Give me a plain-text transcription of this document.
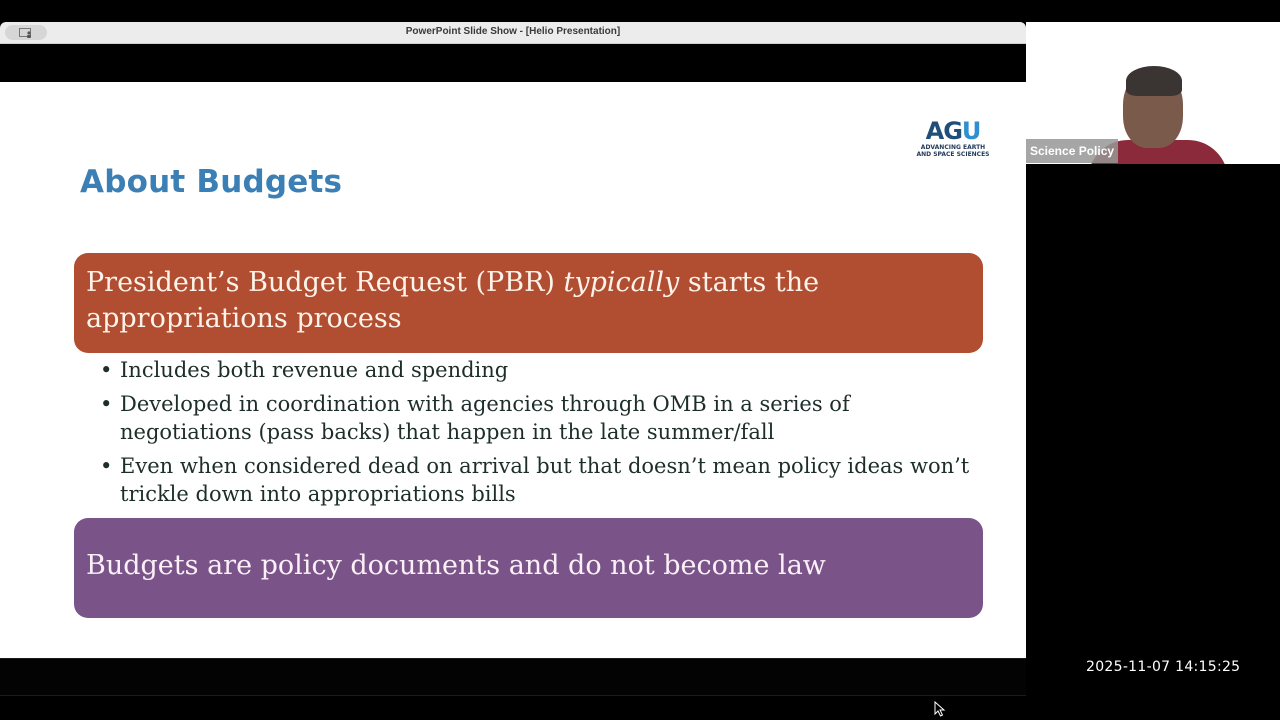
PowerPoint Slide Show - [Helio Presentation]
About Budgets
AGU
ADVANCING EARTH
AND SPACE SCIENCES
President’s Budget Request (PBR) typically starts the appropriations process
• Includes both revenue and spending
• Developed in coordination with agencies through OMB in a series of negotiations (pass backs) that happen in the late summer/fall
• Even when considered dead on arrival but that doesn’t mean policy ideas won’t trickle down into appropriations bills
Budgets are policy documents and do not become law
Science Policy
2025-11-07 14:15:25
